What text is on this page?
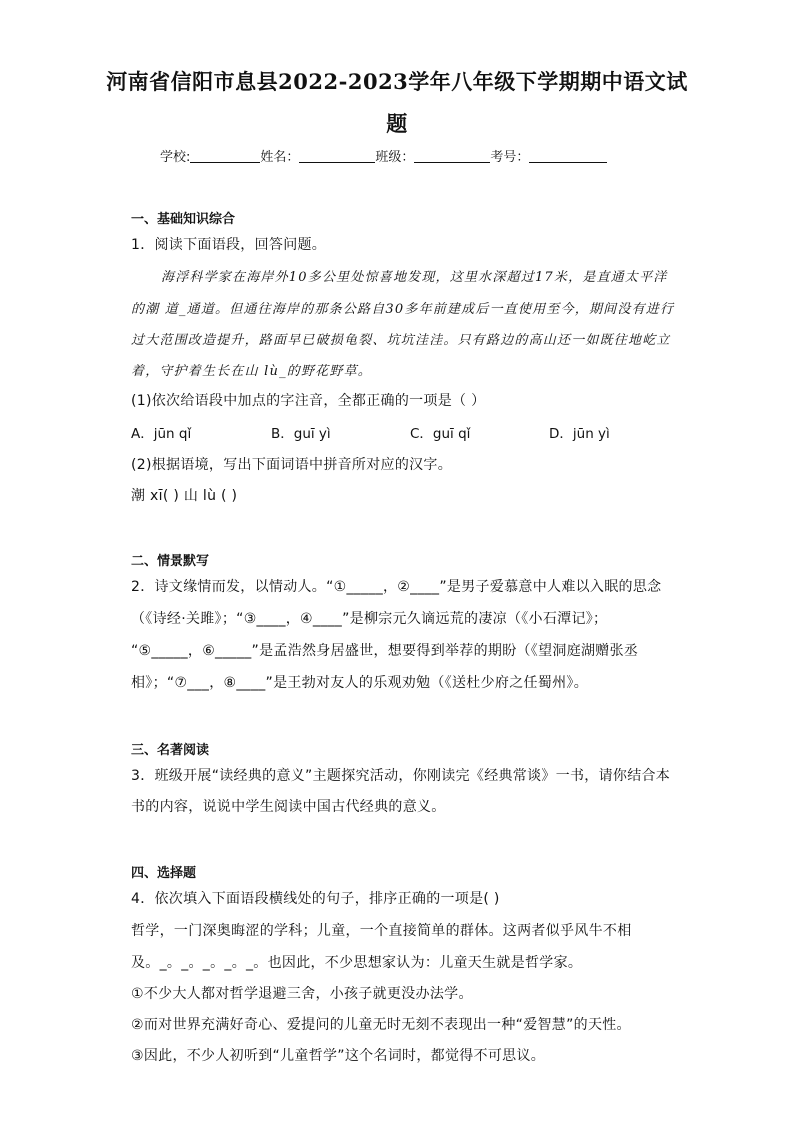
河南省信阳市息县2022-2023学年八年级下学期期中语文试
题
学校:	姓名：	班级：	考号：
一、基础知识综合
1．阅读下面语段，回答问题。
海浮科学家在海岸外10多公里处惊喜地发现，这里水深超过17米，是直通太平洋
的潮 道_通道。但通往海岸的那条公路自30多年前建成后一直使用至今，期间没有进行
过大范围改造提升，路面早已破损龟裂、坑坑洼洼。只有路边的高山还一如既往地屹立
着，守护着生长在山 lù_的野花野草。
(1)依次给语段中加点的字注音，全都正确的一项是（ ）
A．jūn qǐ	B．guī yì	C．guī qǐ	D．jūn yì
(2)根据语境，写出下面词语中拼音所对应的汉字。
潮 xī( ) 山 lù ( )
二、情景默写
2．诗文缘情而发，以情动人。“①_____，②____”是男子爱慕意中人难以入眠的思念
（《诗经·关雎》；“③____，④____”是柳宗元久谪远荒的凄凉（《小石潭记》；
“⑤_____，⑥_____”是孟浩然身居盛世，想要得到举荐的期盼（《望洞庭湖赠张丞
相》；“⑦___，⑧____”是王勃对友人的乐观劝勉（《送杜少府之任蜀州》。
三、名著阅读
3．班级开展“读经典的意义”主题探究活动，你刚读完《经典常谈》一书，请你结合本
书的内容，说说中学生阅读中国古代经典的意义。
四、选择题
4．依次填入下面语段横线处的句子，排序正确的一项是( )
哲学，一门深奥晦涩的学科；儿童，一个直接简单的群体。这两者似乎风牛不相
及。_。_。_。_。_。也因此，不少思想家认为：儿童天生就是哲学家。
①不少大人都对哲学退避三舍，小孩子就更没办法学。
②而对世界充满好奇心、爱提问的儿童无时无刻不表现出一种“爱智慧”的天性。
③因此，不少人初听到“儿童哲学”这个名词时，都觉得不可思议。
